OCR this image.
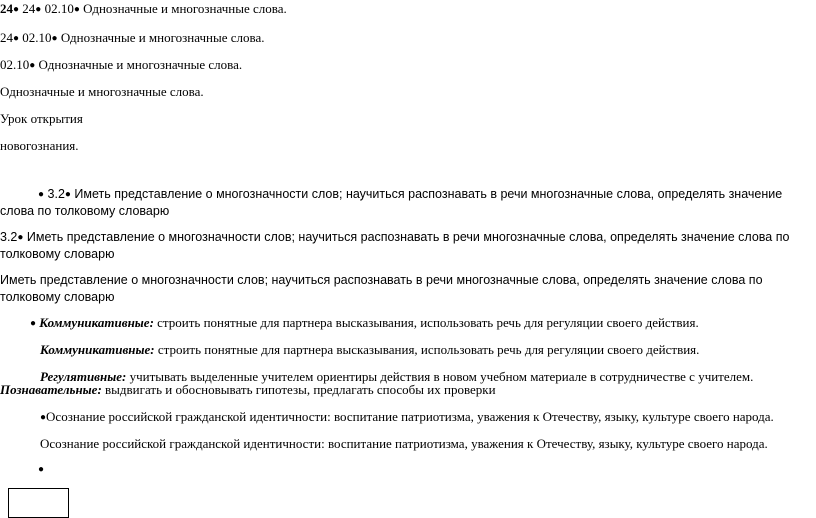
24● 24● 02.10● Однозначные и многозначные слова.
24● 02.10● Однозначные и многозначные слова.
02.10● Однозначные и многозначные слова.
Однозначные и многозначные слова.
Урок открытия
новогознания.
● 3.2● Иметь представление о многозначности слов; научиться распознавать в речи многозначные слова, определять значение слова по толковому словарю
3.2● Иметь представление о многозначности слов; научиться распознавать в речи многозначные слова, определять значение слова по толковому словарю
Иметь представление о многозначности слов; научиться распознавать в речи многозначные слова, определять значение слова по толковому словарю
● Коммуникативные: строить понятные для партнера высказывания, использовать речь для регуляции своего действия.
Коммуникативные: строить понятные для партнера высказывания, использовать речь для регуляции своего действия.
Регулятивные: учитывать выделенные учителем ориентиры действия в новом учебном материале в сотрудничестве с учителем.
Познавательные: выдвигать и обосновывать гипотезы, предлагать способы их проверки
●Осознание российской гражданской идентичности: воспитание патриотизма, уважения к Отечеству, языку, культуре своего народа.
Осознание российской гражданской идентичности: воспитание патриотизма, уважения к Отечеству, языку, культуре своего народа.
●
